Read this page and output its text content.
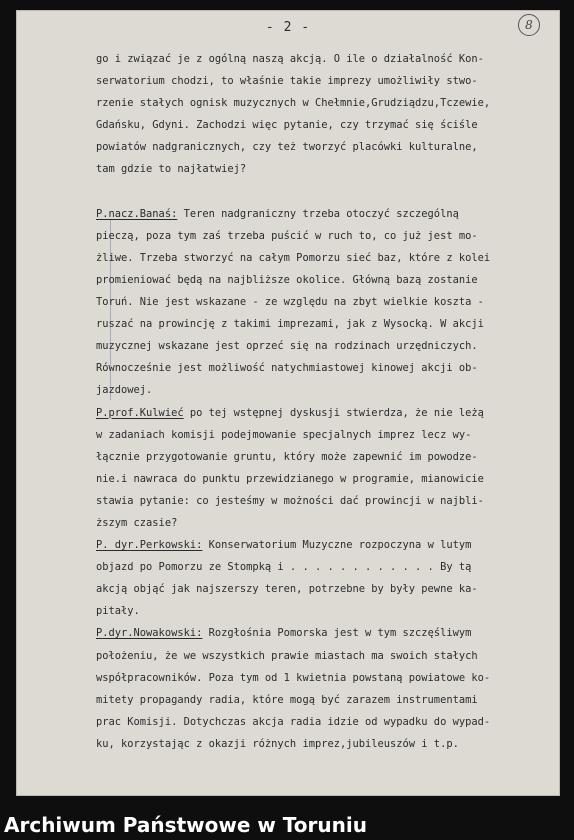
- 2 -	8
go i związać je z ogólną naszą akcją. O ile o działalność Kon-
serwatorium chodzi, to właśnie takie imprezy umożliwiły stwo-
rzenie stałych ognisk muzycznych w Chełmnie,Grudziądzu,Tczewie,
Gdańsku, Gdyni. Zachodzi więc pytanie, czy trzymać się ściśle
powiatów nadgranicznych, czy też tworzyć placówki kulturalne,
tam gdzie to najłatwiej?
P.nacz.Banaś: Teren nadgraniczny trzeba otoczyć szczególną
pieczą, poza tym zaś trzeba puścić w ruch to, co już jest mo-
żliwe. Trzeba stworzyć na całym Pomorzu sieć baz, które z kolei
promieniować będą na najbliższe okolice. Główną bazą zostanie
Toruń. Nie jest wskazane - ze względu na zbyt wielkie koszta -
ruszać na prowincję z takimi imprezami, jak z Wysocką. W akcji
muzycznej wskazane jest oprzeć się na rodzinach urzędniczych.
Równocześnie jest możliwość natychmiastowej kinowej akcji ob-
jazdowej.
P.prof.Kulwieć po tej wstępnej dyskusji stwierdza, że nie leżą
w zadaniach komisji podejmowanie specjalnych imprez lecz wy-
łącznie przygotowanie gruntu, który może zapewnić im powodze-
nie.i nawraca do punktu przewidzianego w programie, mianowicie
stawia pytanie: co jesteśmy w możności dać prowincji w najbli-
ższym czasie?
P. dyr.Perkowski: Konserwatorium Muzyczne rozpoczyna w lutym
objazd po Pomorzu ze Stompką i . . . . . . . . . . . . By tą
akcją objąć jak najszerszy teren, potrzebne by były pewne ka-
pitały.
P.dyr.Nowakowski: Rozgłośnia Pomorska jest w tym szczęśliwym
położeniu, że we wszystkich prawie miastach ma swoich stałych
współpracowników. Poza tym od 1 kwietnia powstaną powiatowe ko-
mitety propagandy radia, które mogą być zarazem instrumentami
prac Komisji. Dotychczas akcja radia idzie od wypadku do wypad-
ku, korzystając z okazji różnych imprez,jubileuszów i t.p.
Archiwum Państwowe w Toruniu
